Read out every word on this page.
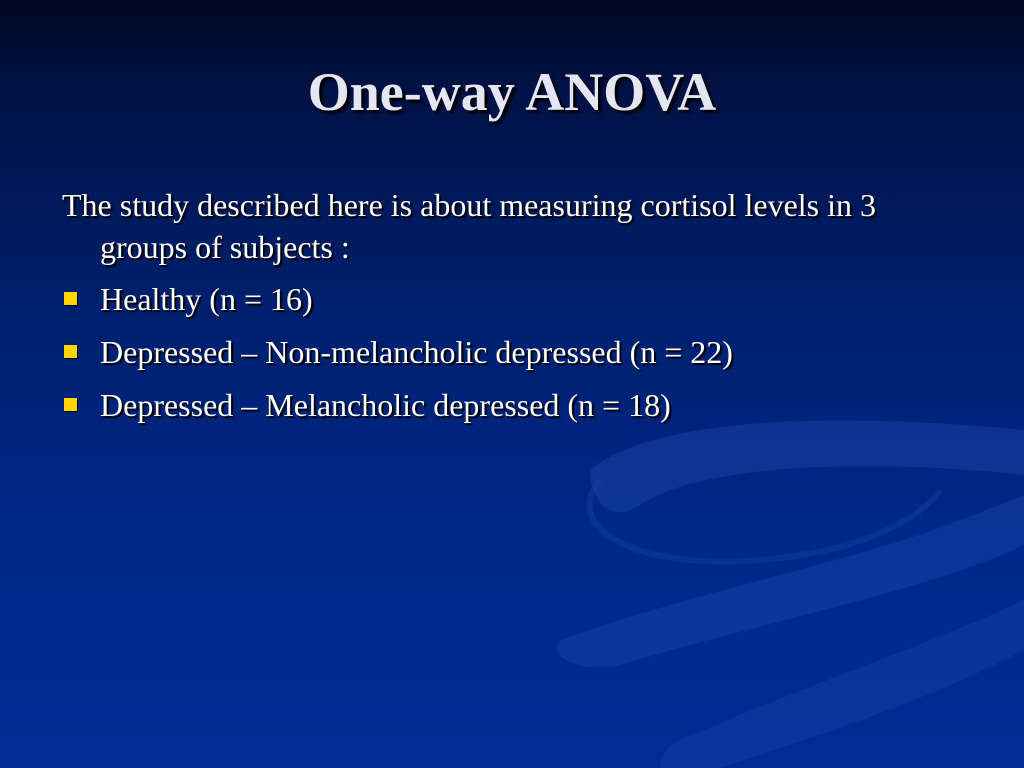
One-way ANOVA

The study described here is about measuring cortisol levels in 3 groups of subjects :

Healthy (n = 16)
Depressed – Non-melancholic depressed (n = 22)
Depressed – Melancholic depressed (n = 18)
